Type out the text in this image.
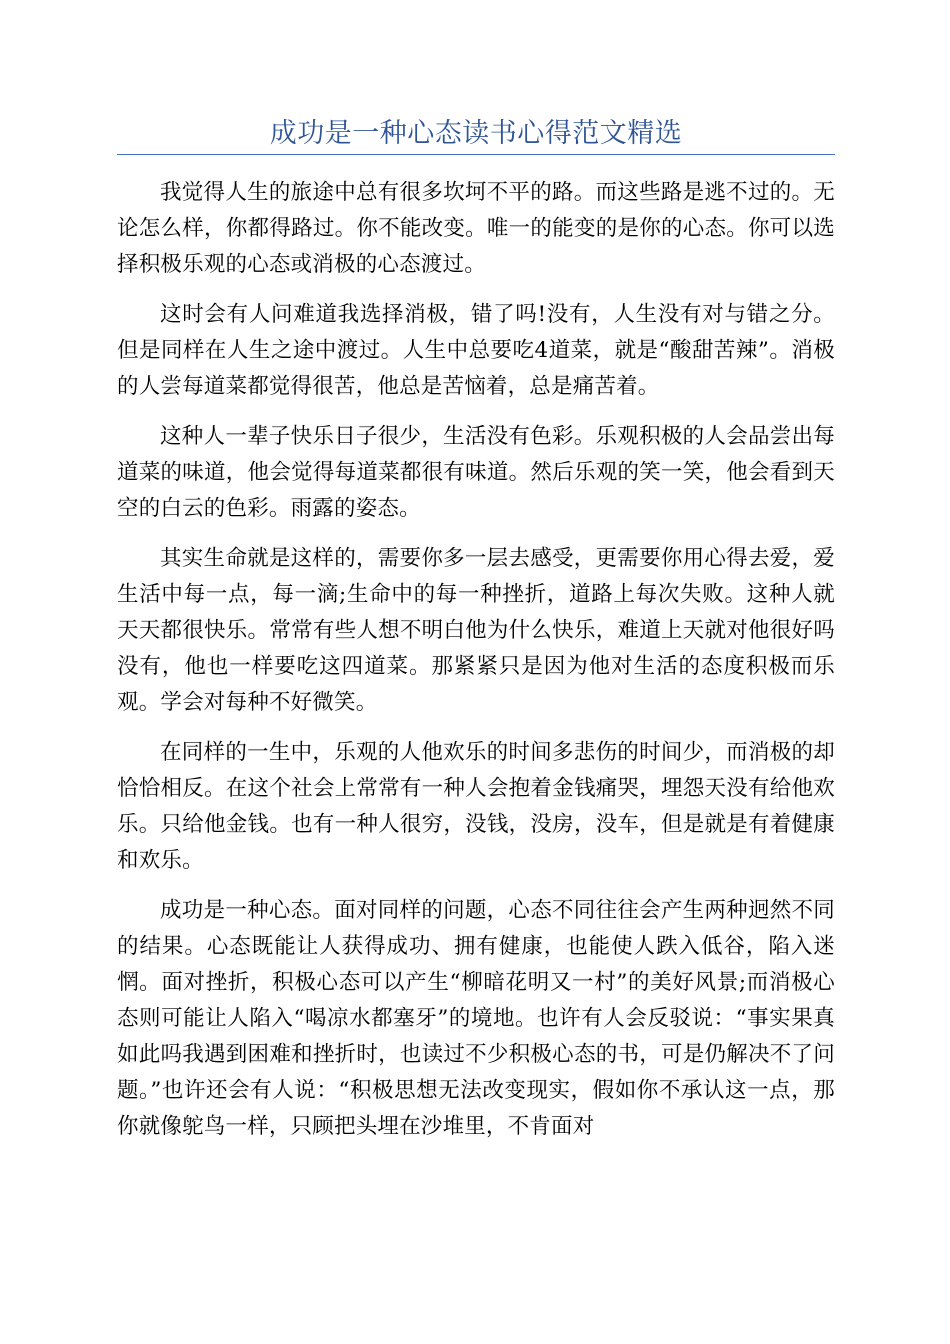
成功是一种心态读书心得范文精选

我觉得人生的旅途中总有很多坎坷不平的路。而这些路是逃不过的。无论怎么样，你都得路过。你不能改变。唯一的能变的是你的心态。你可以选择积极乐观的心态或消极的心态渡过。

这时会有人问难道我选择消极，错了吗!没有，人生没有对与错之分。但是同样在人生之途中渡过。人生中总要吃4道菜，就是“酸甜苦辣”。消极的人尝每道菜都觉得很苦，他总是苦恼着，总是痛苦着。

这种人一辈子快乐日子很少，生活没有色彩。乐观积极的人会品尝出每道菜的味道，他会觉得每道菜都很有味道。然后乐观的笑一笑，他会看到天空的白云的色彩。雨露的姿态。

其实生命就是这样的，需要你多一层去感受，更需要你用心得去爱，爱生活中每一点，每一滴;生命中的每一种挫折，道路上每次失败。这种人就天天都很快乐。常常有些人想不明白他为什么快乐，难道上天就对他很好吗没有，他也一样要吃这四道菜。那紧紧只是因为他对生活的态度积极而乐观。学会对每种不好微笑。

在同样的一生中，乐观的人他欢乐的时间多悲伤的时间少，而消极的却恰恰相反。在这个社会上常常有一种人会抱着金钱痛哭，埋怨天没有给他欢乐。只给他金钱。也有一种人很穷，没钱，没房，没车，但是就是有着健康和欢乐。

成功是一种心态。面对同样的问题，心态不同往往会产生两种迥然不同的结果。心态既能让人获得成功、拥有健康，也能使人跌入低谷，陷入迷惘。面对挫折，积极心态可以产生“柳暗花明又一村”的美好风景;而消极心态则可能让人陷入“喝凉水都塞牙”的境地。也许有人会反驳说：“事实果真如此吗我遇到困难和挫折时，也读过不少积极心态的书，可是仍解决不了问题。”也许还会有人说：“积极思想无法改变现实，假如你不承认这一点，那你就像鸵鸟一样，只顾把头埋在沙堆里，不肯面对
